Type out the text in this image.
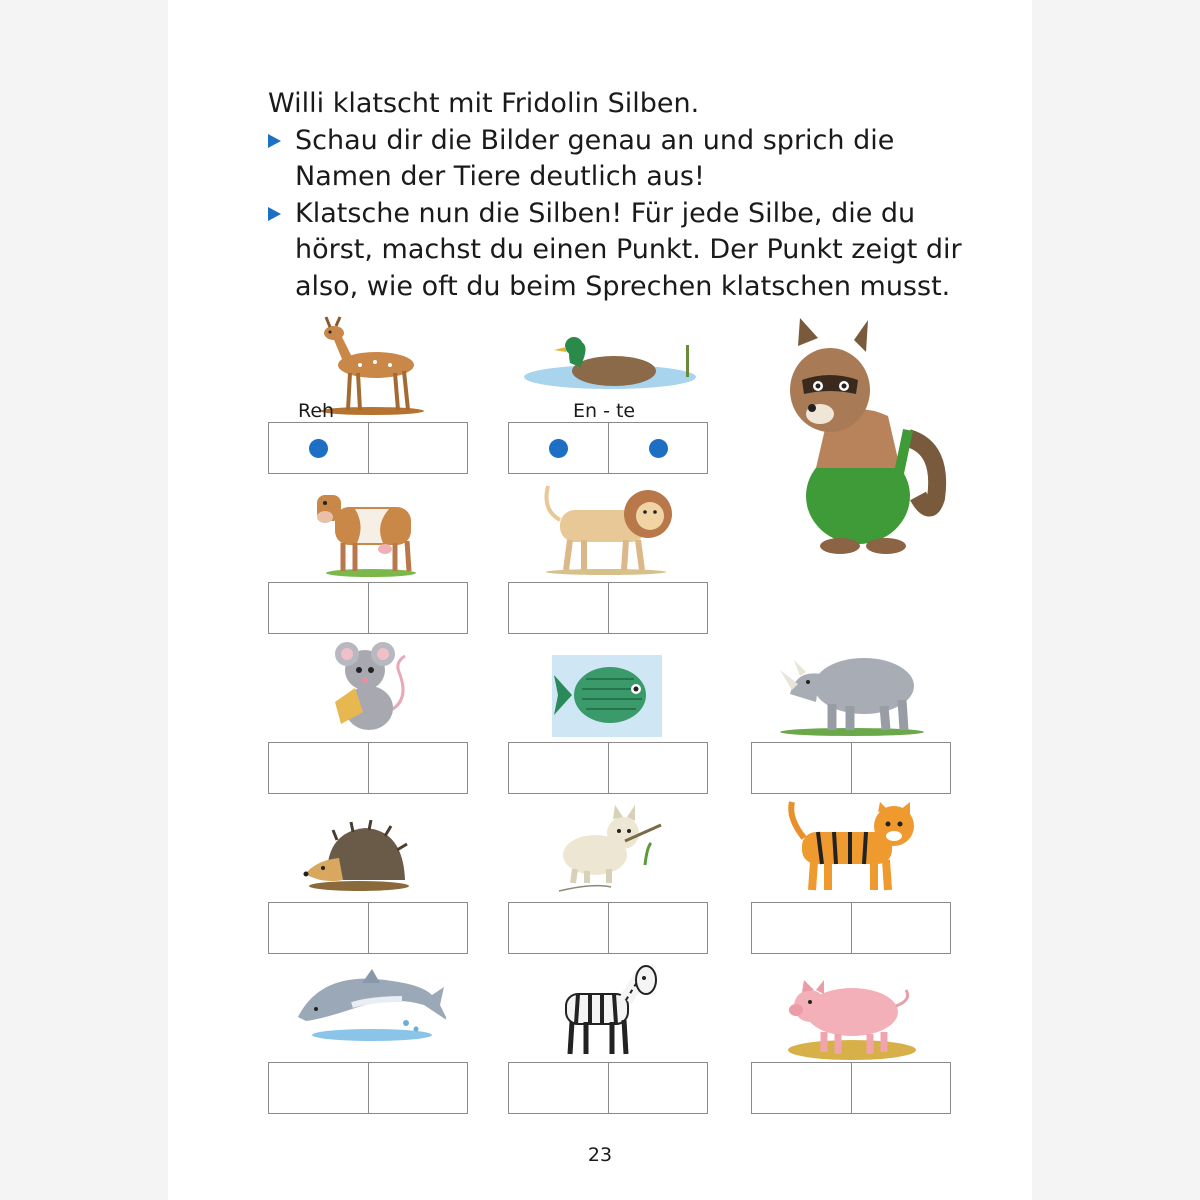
Willi klatscht mit Fridolin Silben.
Schau dir die Bilder genau an und sprich die
Namen der Tiere deutlich aus!
Klatsche nun die Silben! Für jede Silbe, die du
hörst, machst du einen Punkt. Der Punkt zeigt dir
also, wie oft du beim Sprechen klatschen musst.
Reh	En - te
23
